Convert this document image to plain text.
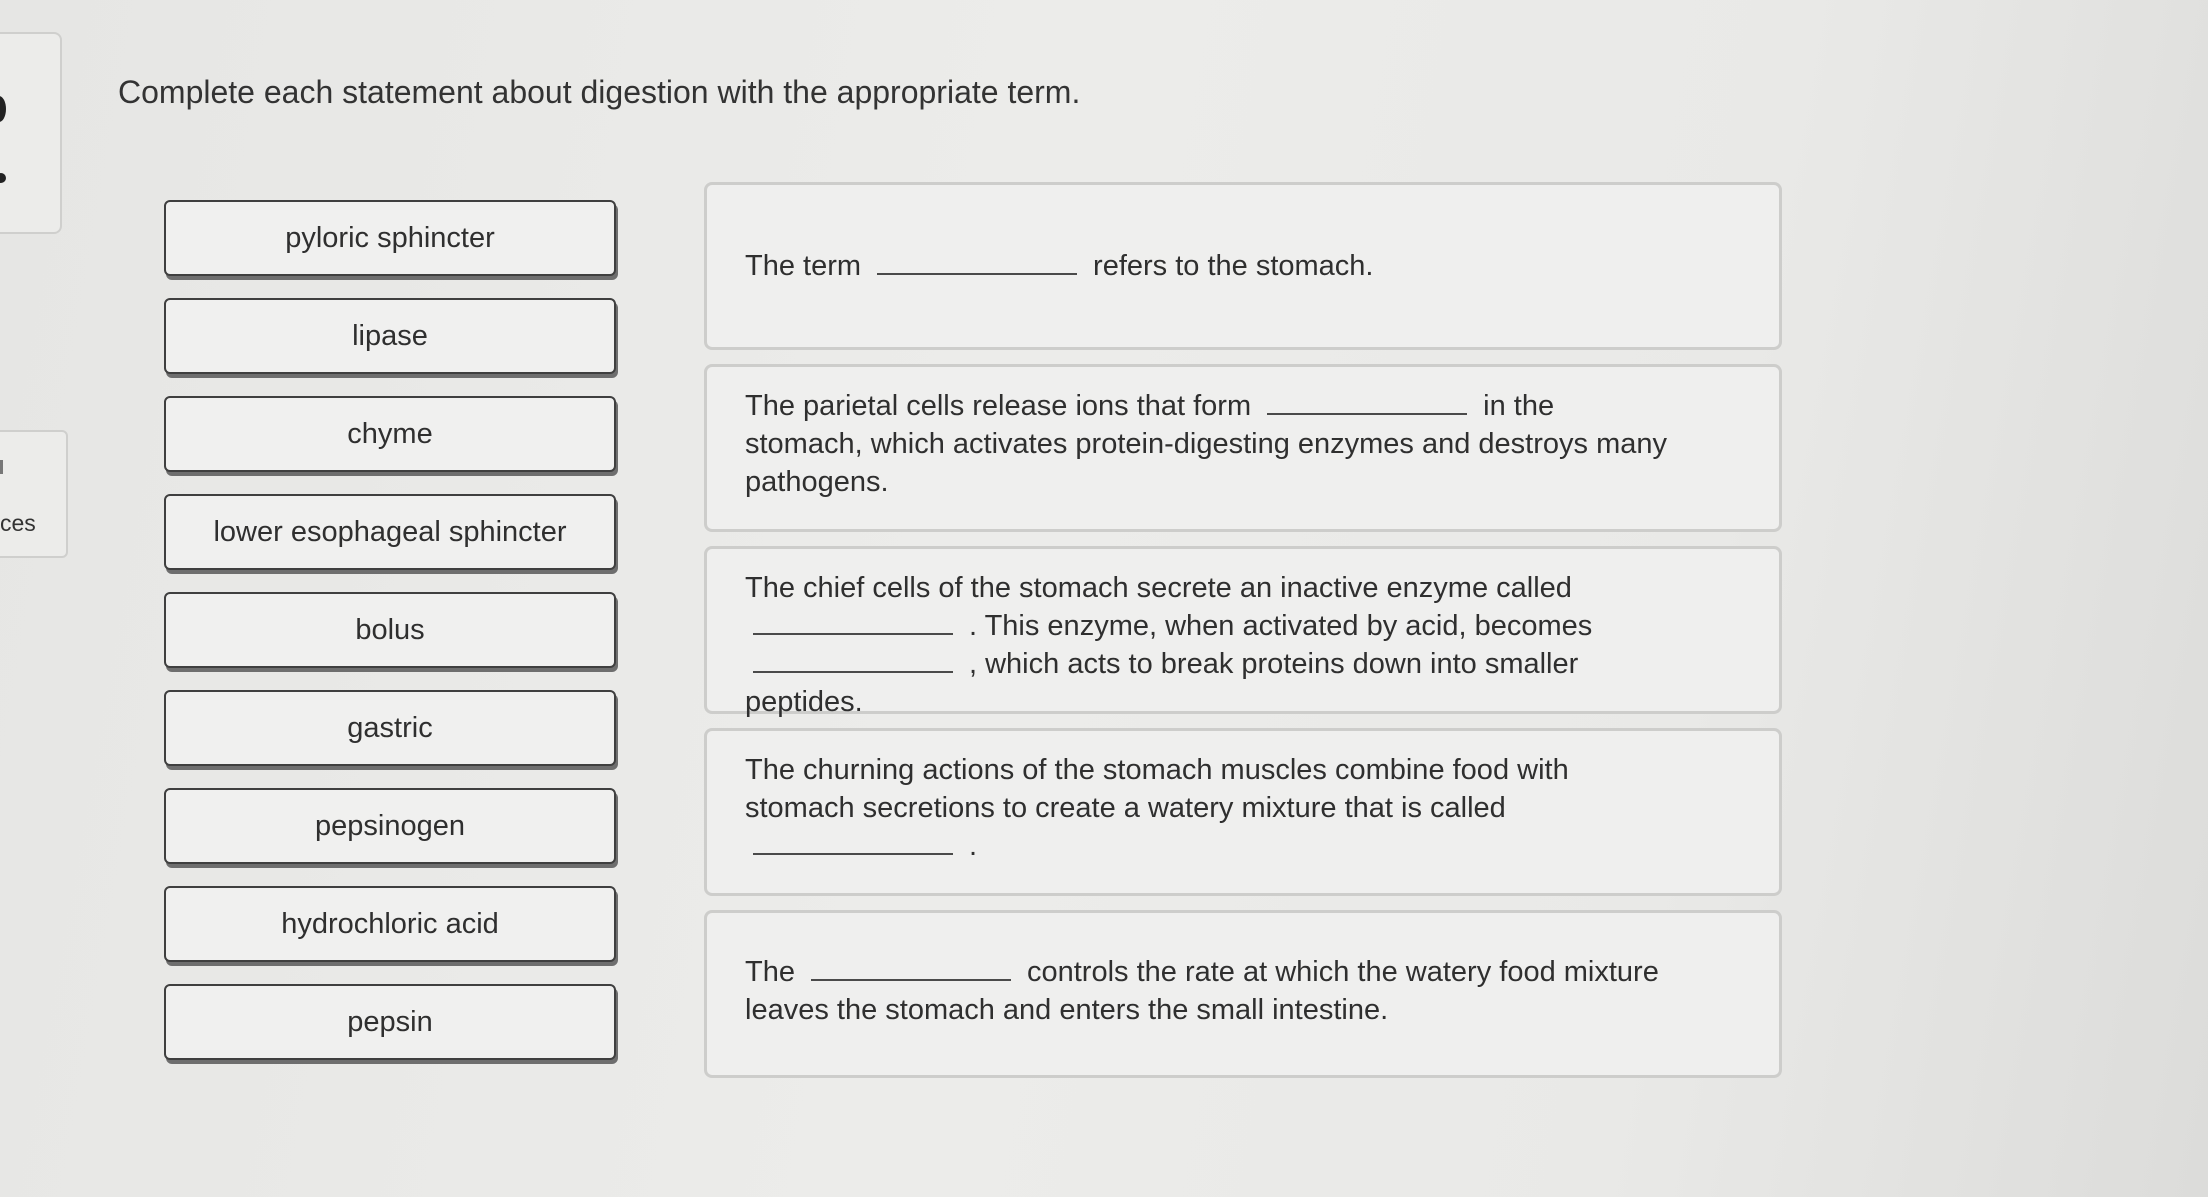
ces
Complete each statement about digestion with the appropriate term.
pyloric sphincter
lipase
chyme
lower esophageal sphincter
bolus
gastric
pepsinogen
hydrochloric acid
pepsin
The term	refers to the stomach.
The parietal cells release ions that form	in the
stomach, which activates protein-digesting enzymes and destroys many
pathogens.
The chief cells of the stomach secrete an inactive enzyme called
. This enzyme, when activated by acid, becomes
, which acts to break proteins down into smaller
peptides.
The churning actions of the stomach muscles combine food with
stomach secretions to create a watery mixture that is called
.
The	controls the rate at which the watery food mixture
leaves the stomach and enters the small intestine.
